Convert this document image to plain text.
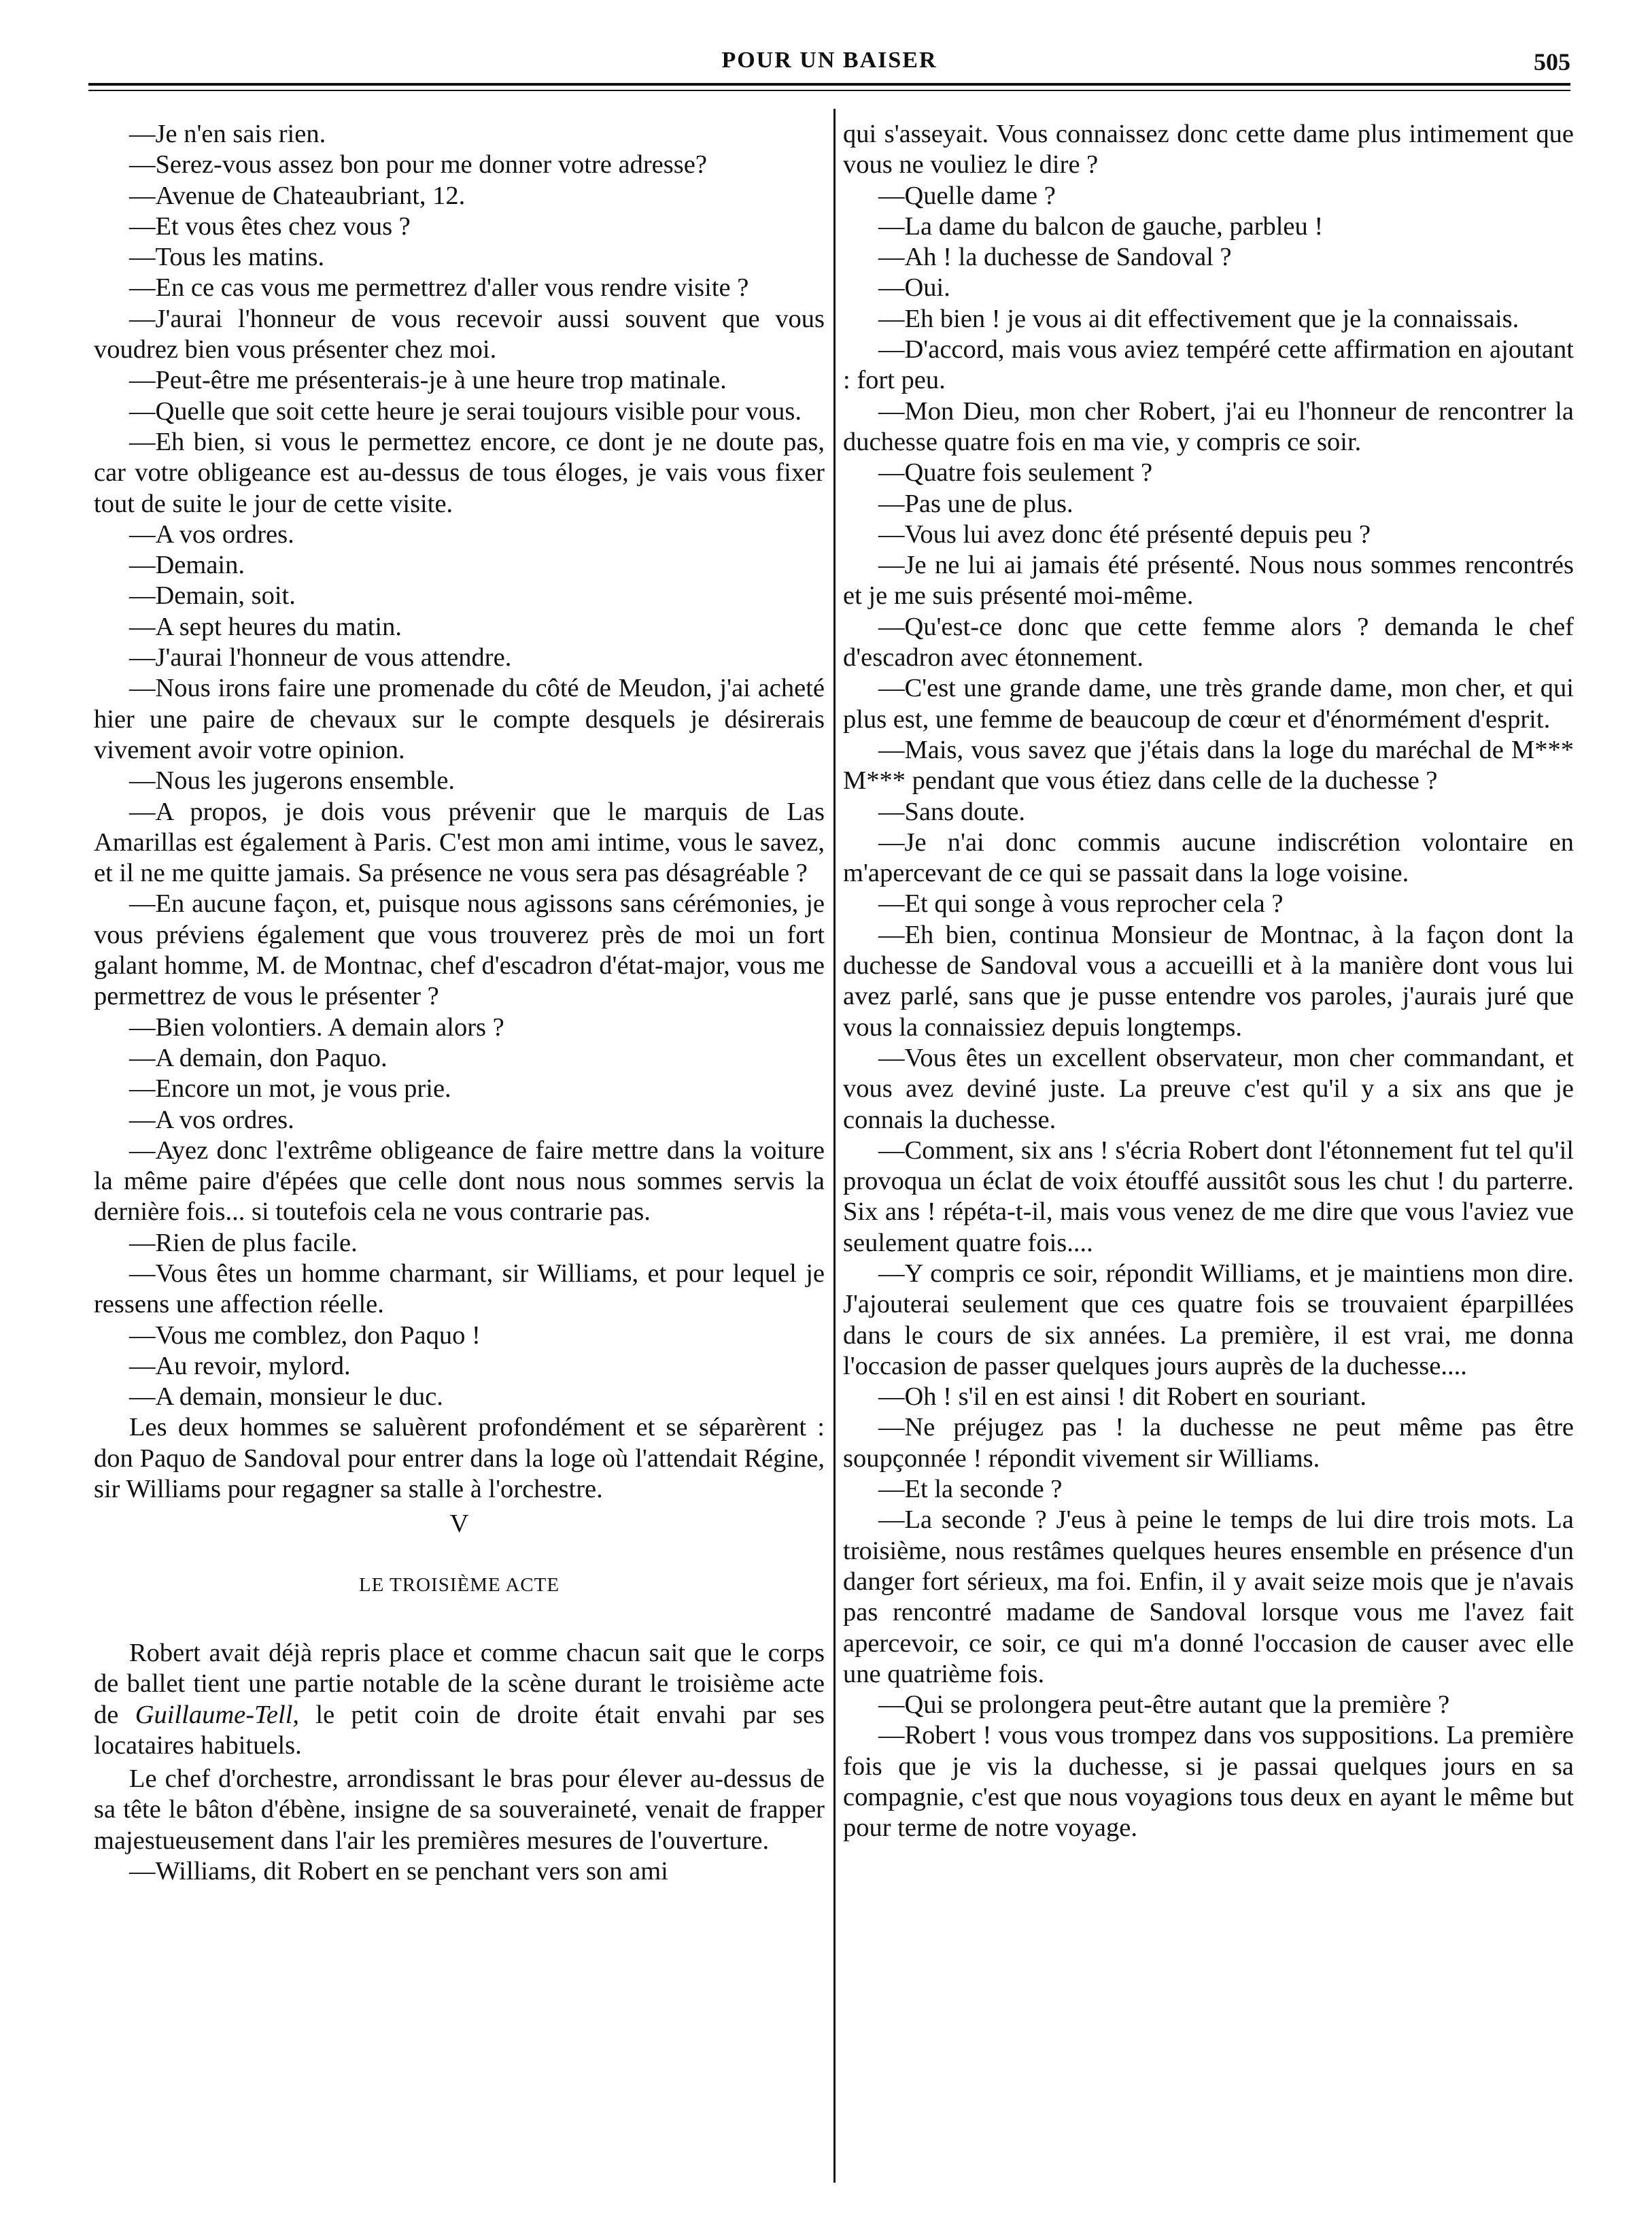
POUR UN BAISER	505

—Je n'en sais rien.

—Serez-vous assez bon pour me donner votre adresse?

—Avenue de Chateaubriant, 12.

—Et vous êtes chez vous ?

—Tous les matins.

—En ce cas vous me permettrez d'aller vous rendre visite ?

—J'aurai l'honneur de vous recevoir aussi souvent que vous voudrez bien vous présenter chez moi.

—Peut-être me présenterais-je à une heure trop matinale.

—Quelle que soit cette heure je serai toujours visible pour vous.

—Eh bien, si vous le permettez encore, ce dont je ne doute pas, car votre obligeance est au-dessus de tous éloges, je vais vous fixer tout de suite le jour de cette visite.

—A vos ordres.

—Demain.

—Demain, soit.

—A sept heures du matin.

—J'aurai l'honneur de vous attendre.

—Nous irons faire une promenade du côté de Meudon, j'ai acheté hier une paire de chevaux sur le compte desquels je désirerais vivement avoir votre opinion.

—Nous les jugerons ensemble.

—A propos, je dois vous prévenir que le marquis de Las Amarillas est également à Paris. C'est mon ami intime, vous le savez, et il ne me quitte jamais. Sa présence ne vous sera pas désagréable ?

—En aucune façon, et, puisque nous agissons sans cérémonies, je vous préviens également que vous trouverez près de moi un fort galant homme, M. de Montnac, chef d'escadron d'état-major, vous me permettrez de vous le présenter ?

—Bien volontiers. A demain alors ?

—A demain, don Paquo.

—Encore un mot, je vous prie.

—A vos ordres.

—Ayez donc l'extrême obligeance de faire mettre dans la voiture la même paire d'épées que celle dont nous nous sommes servis la dernière fois... si toutefois cela ne vous contrarie pas.

—Rien de plus facile.

—Vous êtes un homme charmant, sir Williams, et pour lequel je ressens une affection réelle.

—Vous me comblez, don Paquo !

—Au revoir, mylord.

—A demain, monsieur le duc.

Les deux hommes se saluèrent profondément et se séparèrent : don Paquo de Sandoval pour entrer dans la loge où l'attendait Régine, sir Williams pour regagner sa stalle à l'orchestre.

V

LE TROISIÈME ACTE

Robert avait déjà repris place et comme chacun sait que le corps de ballet tient une partie notable de la scène durant le troisième acte de Guillaume-Tell, le petit coin de droite était envahi par ses locataires habituels.

Le chef d'orchestre, arrondissant le bras pour élever au-dessus de sa tête le bâton d'ébène, insigne de sa souveraineté, venait de frapper majestueusement dans l'air les premières mesures de l'ouverture.

—Williams, dit Robert en se penchant vers son ami

qui s'asseyait. Vous connaissez donc cette dame plus intimement que vous ne vouliez le dire ?

—Quelle dame ?

—La dame du balcon de gauche, parbleu !

—Ah ! la duchesse de Sandoval ?

—Oui.

—Eh bien ! je vous ai dit effectivement que je la connaissais.

—D'accord, mais vous aviez tempéré cette affirmation en ajoutant : fort peu.

—Mon Dieu, mon cher Robert, j'ai eu l'honneur de rencontrer la duchesse quatre fois en ma vie, y compris ce soir.

—Quatre fois seulement ?

—Pas une de plus.

—Vous lui avez donc été présenté depuis peu ?

—Je ne lui ai jamais été présenté. Nous nous sommes rencontrés et je me suis présenté moi-même.

—Qu'est-ce donc que cette femme alors ? demanda le chef d'escadron avec étonnement.

—C'est une grande dame, une très grande dame, mon cher, et qui plus est, une femme de beaucoup de cœur et d'énormément d'esprit.

—Mais, vous savez que j'étais dans la loge du maréchal de M*** M*** pendant que vous étiez dans celle de la duchesse ?

—Sans doute.

—Je n'ai donc commis aucune indiscrétion volontaire en m'apercevant de ce qui se passait dans la loge voisine.

—Et qui songe à vous reprocher cela ?

—Eh bien, continua Monsieur de Montnac, à la façon dont la duchesse de Sandoval vous a accueilli et à la manière dont vous lui avez parlé, sans que je pusse entendre vos paroles, j'aurais juré que vous la connaissiez depuis longtemps.

—Vous êtes un excellent observateur, mon cher commandant, et vous avez deviné juste. La preuve c'est qu'il y a six ans que je connais la duchesse.

—Comment, six ans ! s'écria Robert dont l'étonnement fut tel qu'il provoqua un éclat de voix étouffé aussitôt sous les chut ! du parterre. Six ans ! répéta-t-il, mais vous venez de me dire que vous l'aviez vue seulement quatre fois....

—Y compris ce soir, répondit Williams, et je maintiens mon dire. J'ajouterai seulement que ces quatre fois se trouvaient éparpillées dans le cours de six années. La première, il est vrai, me donna l'occasion de passer quelques jours auprès de la duchesse....

—Oh ! s'il en est ainsi ! dit Robert en souriant.

—Ne préjugez pas ! la duchesse ne peut même pas être soupçonnée ! répondit vivement sir Williams.

—Et la seconde ?

—La seconde ? J'eus à peine le temps de lui dire trois mots. La troisième, nous restâmes quelques heures ensemble en présence d'un danger fort sérieux, ma foi. Enfin, il y avait seize mois que je n'avais pas rencontré madame de Sandoval lorsque vous me l'avez fait apercevoir, ce soir, ce qui m'a donné l'occasion de causer avec elle une quatrième fois.

—Qui se prolongera peut-être autant que la première ?

—Robert ! vous vous trompez dans vos suppositions. La première fois que je vis la duchesse, si je passai quelques jours en sa compagnie, c'est que nous voyagions tous deux en ayant le même but pour terme de notre voyage.
